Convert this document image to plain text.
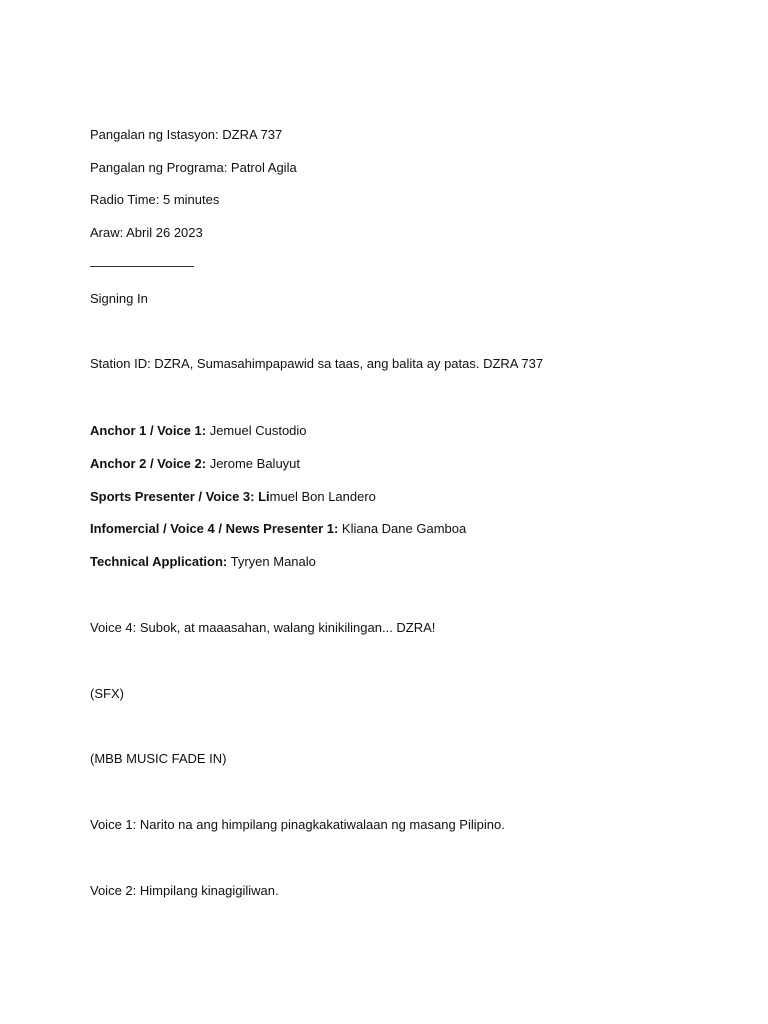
Pangalan ng Istasyon: DZRA 737
Pangalan ng Programa: Patrol Agila
Radio Time: 5 minutes
Araw: Abril 26 2023
————————
Signing In
Station ID: DZRA, Sumasahimpapawid sa taas, ang balita ay patas. DZRA 737
Anchor 1 / Voice 1: Jemuel Custodio
Anchor 2 / Voice 2: Jerome Baluyut
Sports Presenter / Voice 3: Limuel Bon Landero
Infomercial / Voice 4 / News Presenter 1: Kliana Dane Gamboa
Technical Application: Tyryen Manalo
Voice 4: Subok, at maaasahan, walang kinikilingan... DZRA!
(SFX)
(MBB MUSIC FADE IN)
Voice 1: Narito na ang himpilang pinagkakatiwalaan ng masang Pilipino.
Voice 2: Himpilang kinagigiliwan.
